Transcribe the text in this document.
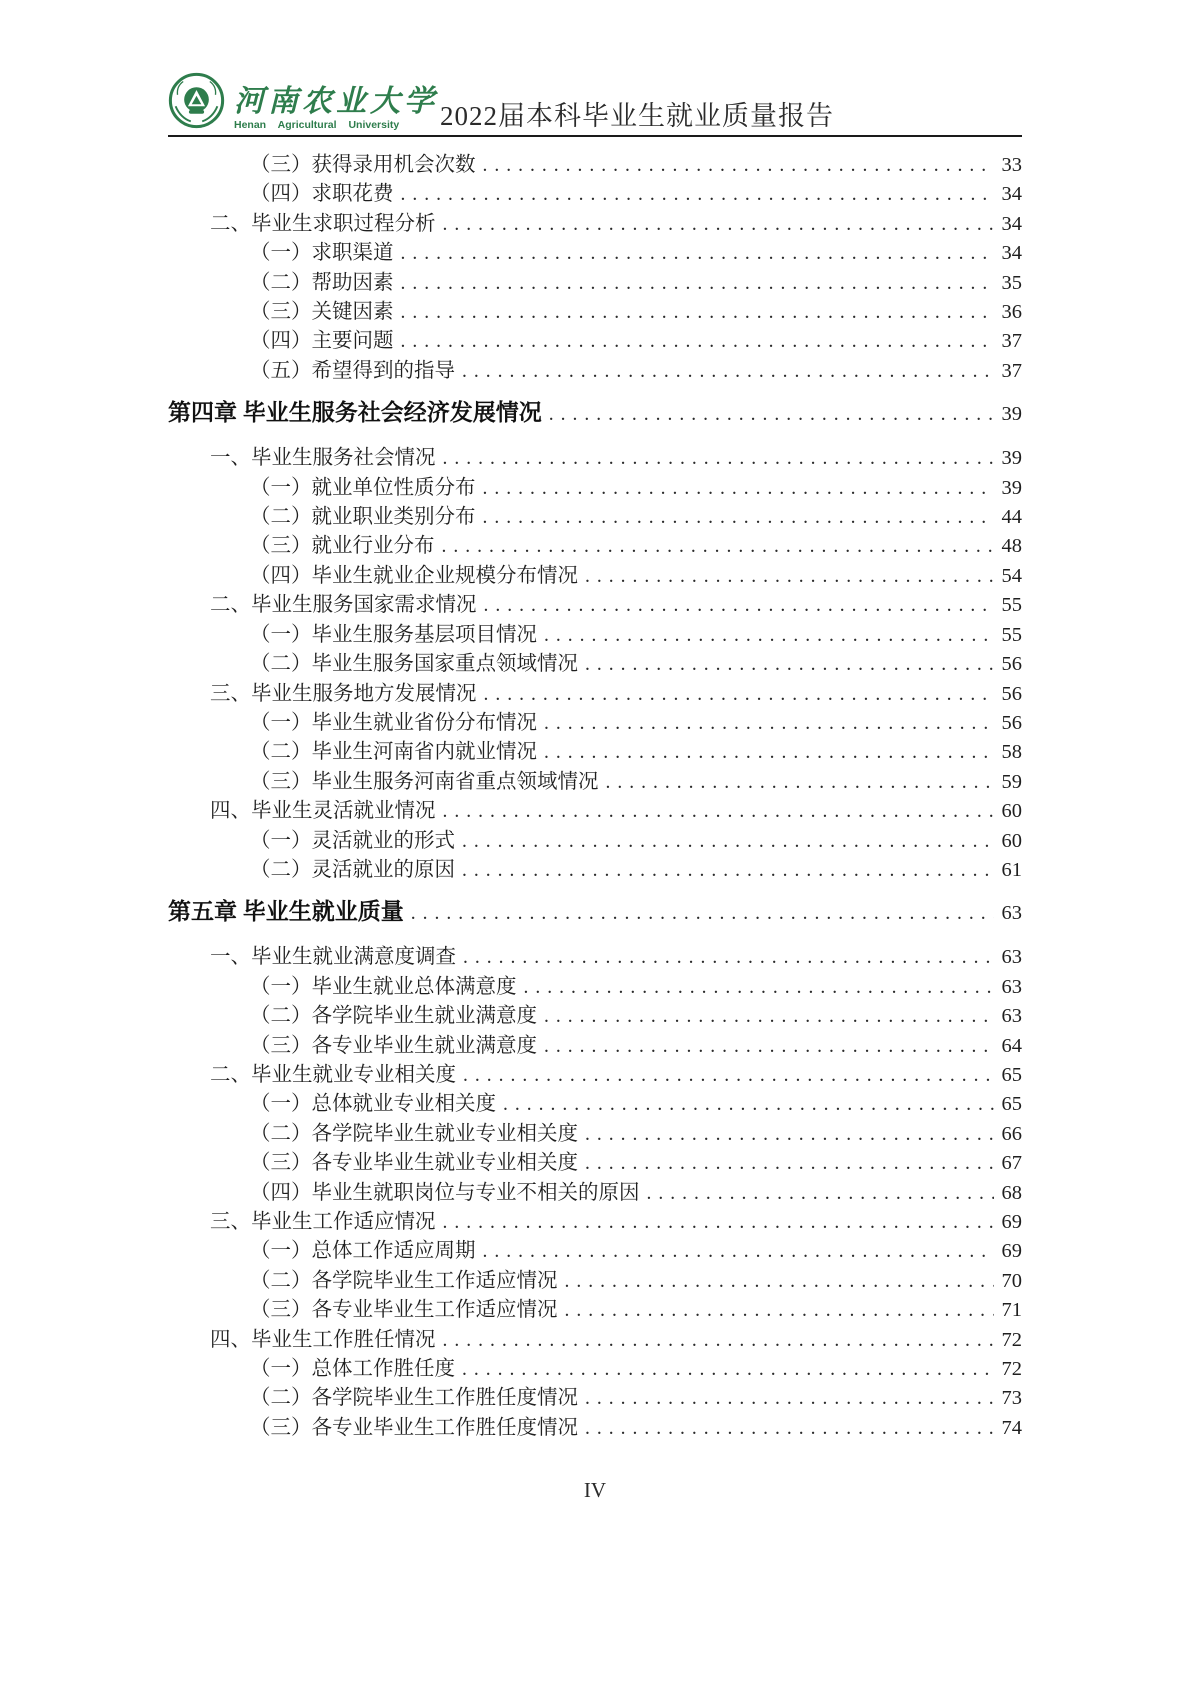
河南农业大学
Henan Agricultural University	2022届本科毕业生就业质量报告
（三）获得录用机会次数 .....	33
（四）求职花费 .....	34
二、毕业生求职过程分析 .....	34
（一）求职渠道 .....	34
（二）帮助因素 .....	35
（三）关键因素 .....	36
（四）主要问题 .....	37
（五）希望得到的指导 .....	37
第四章 毕业生服务社会经济发展情况 .....	39
一、毕业生服务社会情况 .....	39
（一）就业单位性质分布 .....	39
（二）就业职业类别分布 .....	44
（三）就业行业分布 .....	48
（四）毕业生就业企业规模分布情况 .....	54
二、毕业生服务国家需求情况 .....	55
（一）毕业生服务基层项目情况 .....	55
（二）毕业生服务国家重点领域情况 .....	56
三、毕业生服务地方发展情况 .....	56
（一）毕业生就业省份分布情况 .....	56
（二）毕业生河南省内就业情况 .....	58
（三）毕业生服务河南省重点领域情况 .....	59
四、毕业生灵活就业情况 .....	60
（一）灵活就业的形式 .....	60
（二）灵活就业的原因 .....	61
第五章 毕业生就业质量 .....	63
一、毕业生就业满意度调查 .....	63
（一）毕业生就业总体满意度 .....	63
（二）各学院毕业生就业满意度 .....	63
（三）各专业毕业生就业满意度 .....	64
二、毕业生就业专业相关度 .....	65
（一）总体就业专业相关度 .....	65
（二）各学院毕业生就业专业相关度 .....	66
（三）各专业毕业生就业专业相关度 .....	67
（四）毕业生就职岗位与专业不相关的原因 .....	68
三、毕业生工作适应情况 .....	69
（一）总体工作适应周期 .....	69
（二）各学院毕业生工作适应情况 .....	70
（三）各专业毕业生工作适应情况 .....	71
四、毕业生工作胜任情况 .....	72
（一）总体工作胜任度 .....	72
（二）各学院毕业生工作胜任度情况 .....	73
（三）各专业毕业生工作胜任度情况 .....	74
IV
